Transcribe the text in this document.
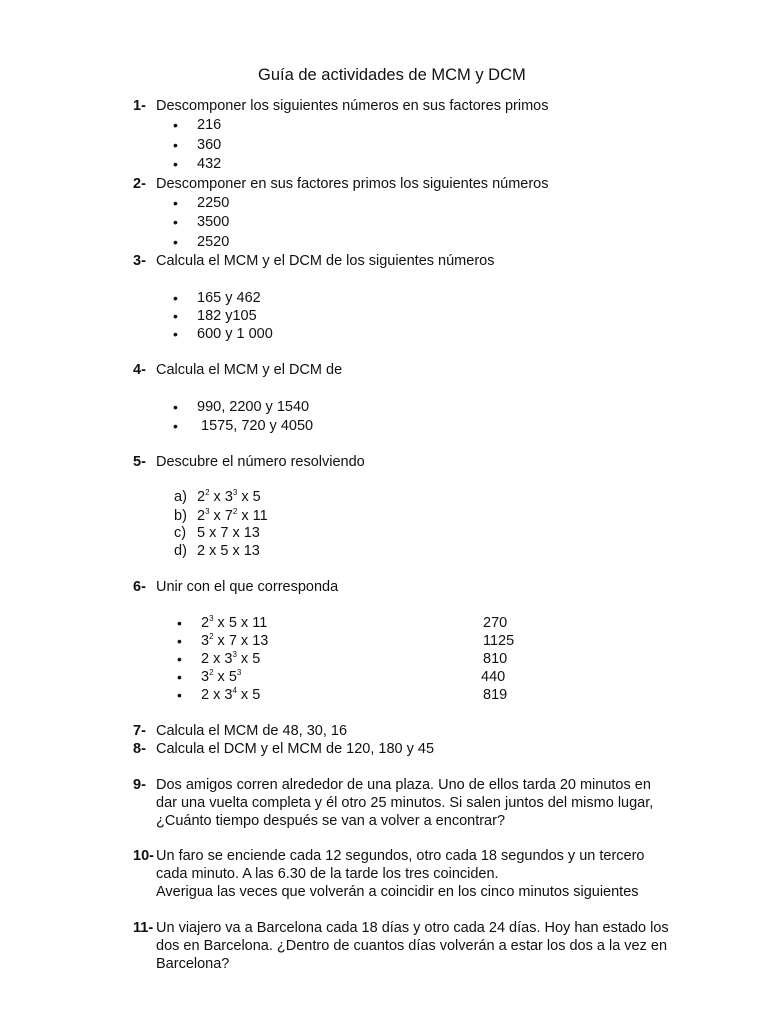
Guía de actividades de MCM y DCM
1- Descomponer los siguientes números en sus factores primos
• 216
• 360
• 432
2- Descomponer en sus factores primos los siguientes números
• 2250
• 3500
• 2520
3- Calcula el MCM y el DCM de los siguientes números
• 165 y 462
• 182 y105
• 600 y 1 000
4- Calcula el MCM y el DCM de
• 990, 2200 y 1540
• 1575, 720 y 4050
5- Descubre el número resolviendo
a) $2^2$ x $3^3$ x 5
b) $2^3$ x $7^2$ x 11
c) 5 x 7 x 13
d) 2 x 5 x 13
6- Unir con el que corresponda
• $2^3$ x 5 x 11	270
• $3^2$ x 7 x 13	1125
• 2 x $3^3$ x 5	810
• $3^2$ x $5^3$	440
• 2 x $3^4$ x 5	819
7- Calcula el MCM de 48, 30, 16
8- Calcula el DCM y el MCM de 120, 180 y 45
9- Dos amigos corren alrededor de una plaza. Uno de ellos tarda 20 minutos en
dar una vuelta completa y él otro 25 minutos. Si salen juntos del mismo lugar,
¿Cuánto tiempo después se van a volver a encontrar?
10- Un faro se enciende cada 12 segundos, otro cada 18 segundos y un tercero
cada minuto. A las 6.30 de la tarde los tres coinciden.
Averigua las veces que volverán a coincidir en los cinco minutos siguientes
11- Un viajero va a Barcelona cada 18 días y otro cada 24 días. Hoy han estado los
dos en Barcelona. ¿Dentro de cuantos días volverán a estar los dos a la vez en
Barcelona?
